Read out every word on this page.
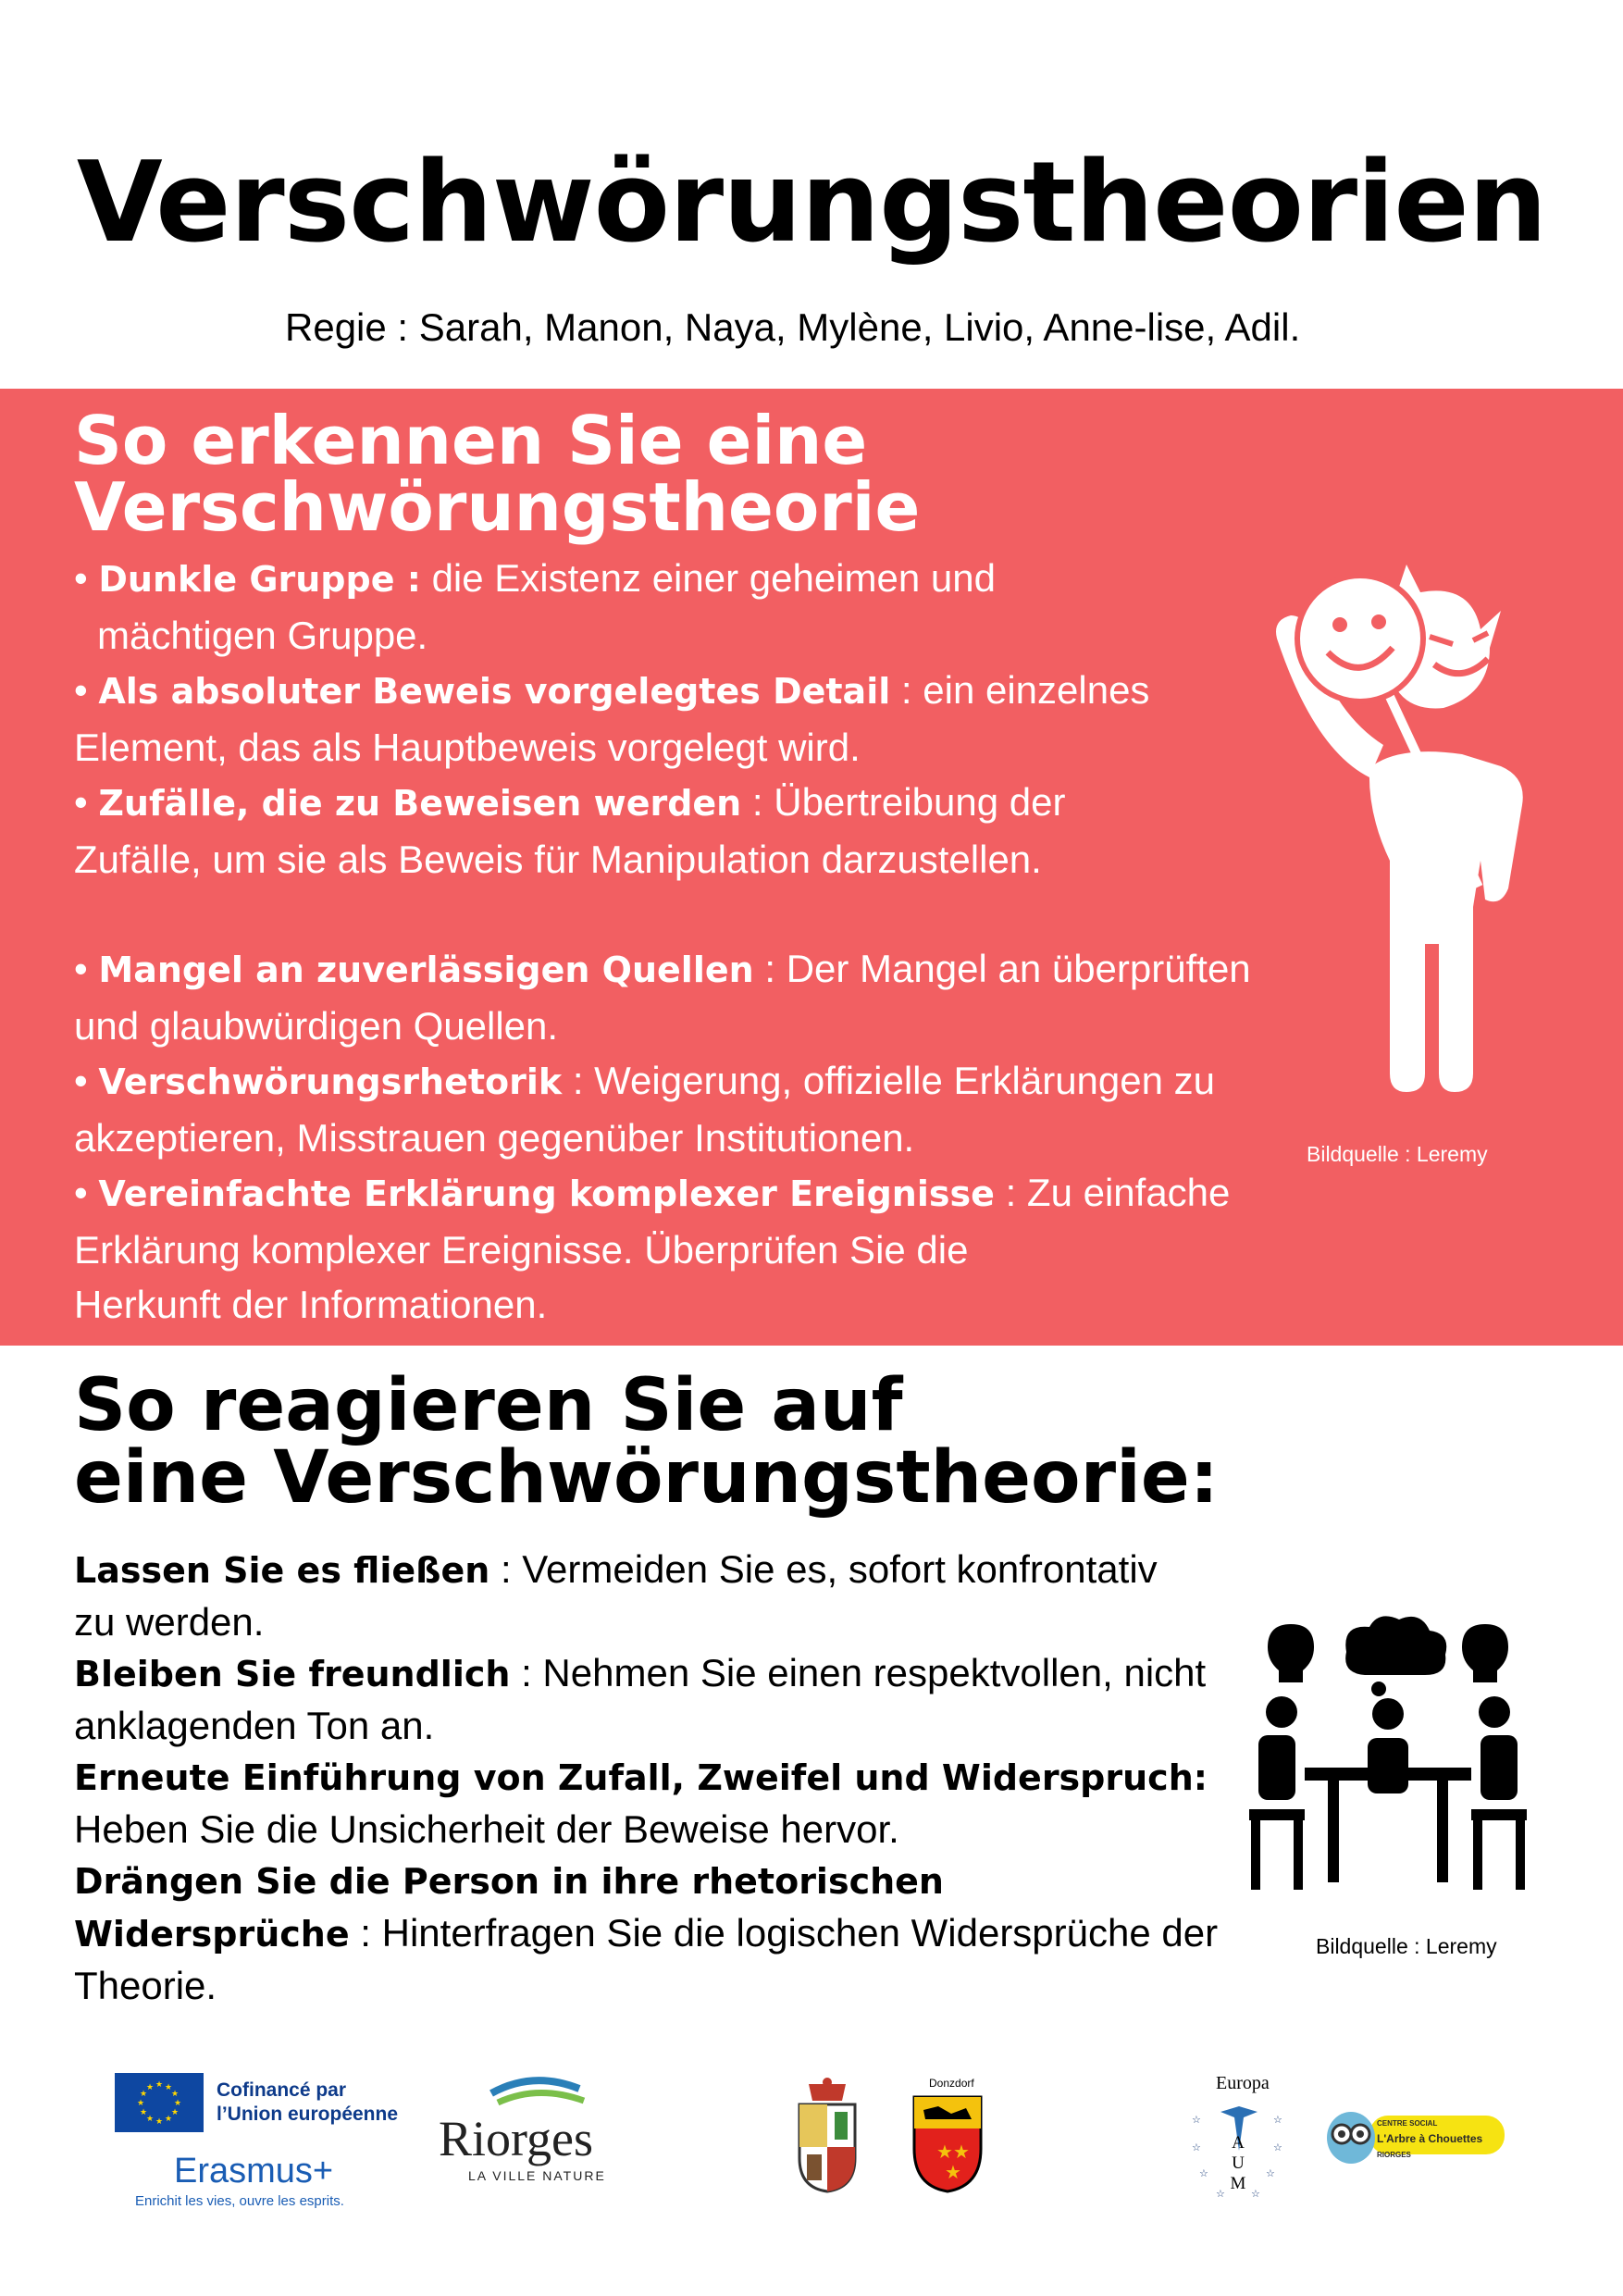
Verschwörungstheorien
Regie : Sarah, Manon, Naya, Mylène, Livio, Anne-lise, Adil.
So erkennen Sie eine
Verschwörungstheorie

• Dunkle Gruppe : die Existenz einer geheimen und

mächtigen Gruppe.

• Als absoluter Beweis vorgelegtes Detail : ein einzelnes

Element, das als Hauptbeweis vorgelegt wird.

• Zufälle, die zu Beweisen werden : Übertreibung der

Zufälle, um sie als Beweis für Manipulation darzustellen.

• Mangel an zuverlässigen Quellen : Der Mangel an überprüften

und glaubwürdigen Quellen.

• Verschwörungsrhetorik : Weigerung, offizielle Erklärungen zu

akzeptieren, Misstrauen gegenüber Institutionen.

• Vereinfachte Erklärung komplexer Ereignisse : Zu einfache

Erklärung komplexer Ereignisse. Überprüfen Sie die

Herkunft der Informationen.

Bildquelle : Leremy
So reagieren Sie auf
eine Verschwörungstheorie:

Lassen Sie es fließen : Vermeiden Sie es, sofort konfrontativ

zu werden.

Bleiben Sie freundlich : Nehmen Sie einen respektvollen, nicht

anklagenden Ton an.

Erneute Einführung von Zufall, Zweifel und Widerspruch:

Heben Sie die Unsicherheit der Beweise hervor.

Drängen Sie die Person in ihre rhetorischen

Widersprüche : Hinterfragen Sie die logischen Widersprüche der

Theorie.

Bildquelle : Leremy
★ ★
★
★
★
★
★
★
★
★
★
★	Cofinancé par
l’Union européenne
Erasmus+
Enrichit les vies, ouvre les esprits.
Riorges
LA VILLE NATURE
Donzdorf
★ ★
★
Europa
☆
☆
☆
☆
☆
☆
☆	☆
A
U
M
CENTRE SOCIAL
L'Arbre à Chouettes
RIORGES
